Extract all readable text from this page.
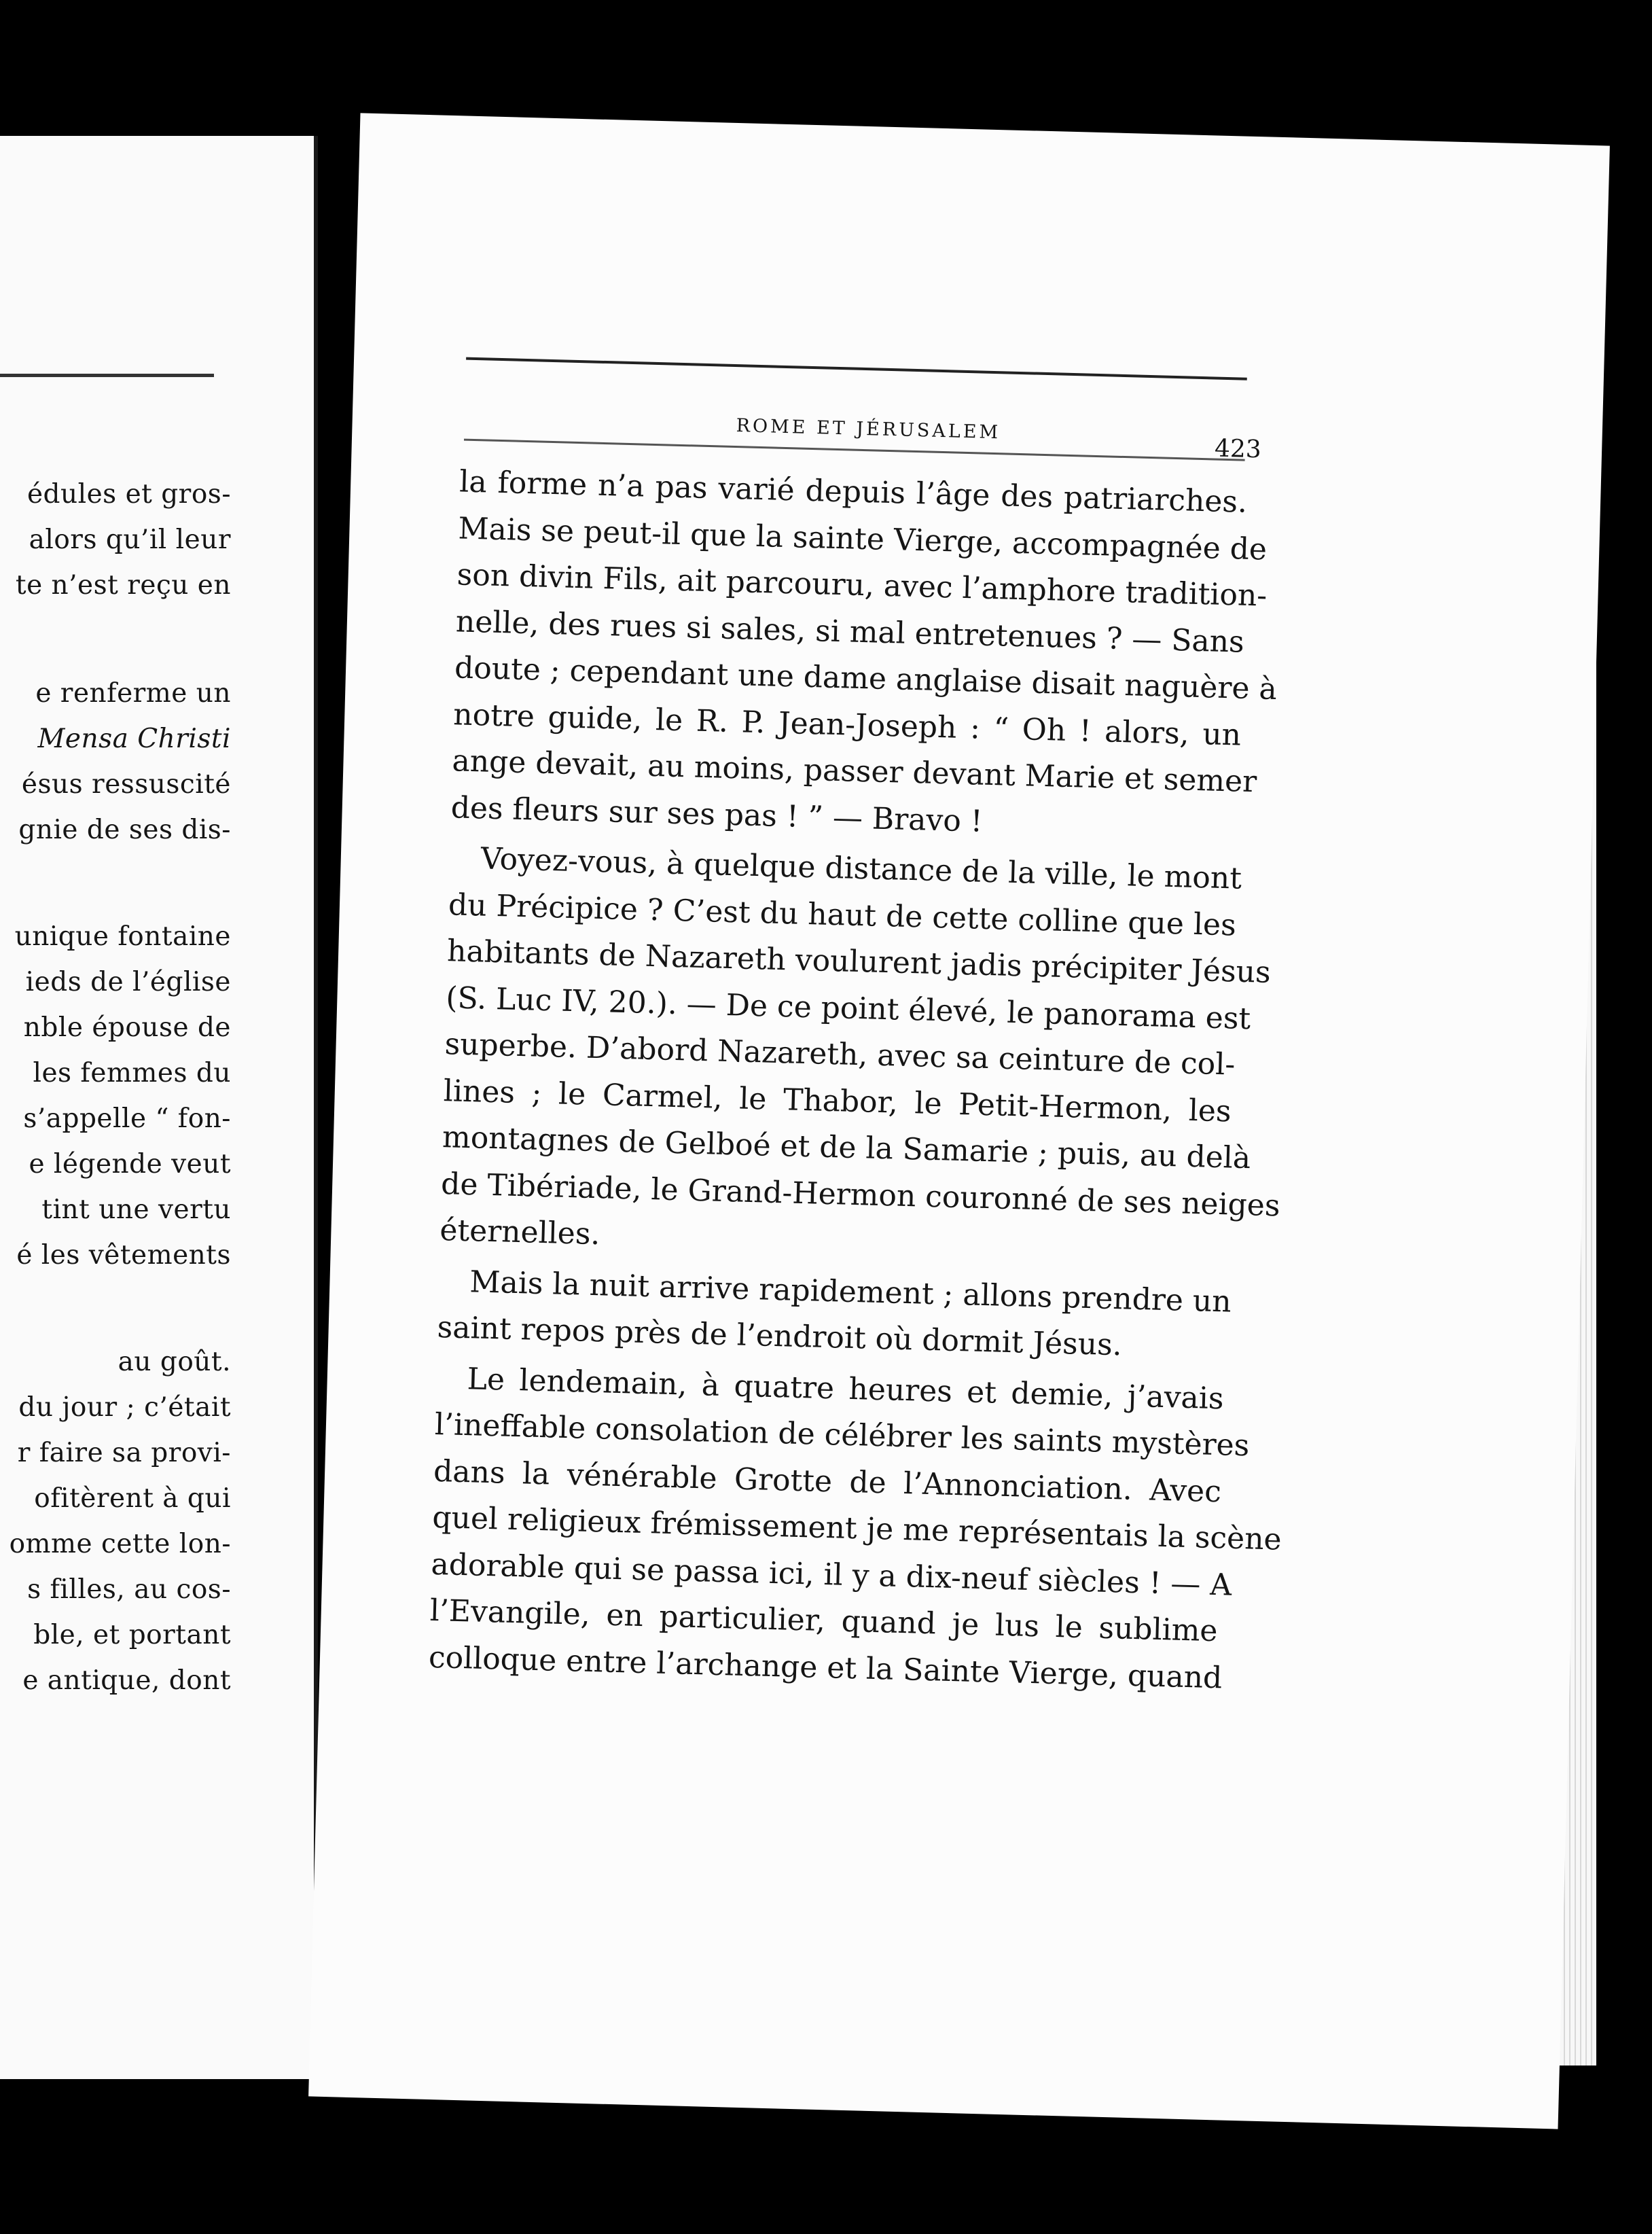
édules et gros-
alors qu’il leur
te n’est reçu en
e renferme un
Mensa Christi
ésus ressuscité
gnie de ses dis-
unique fontaine
ieds de l’église
nble épouse de
les femmes du
s’appelle “ fon-
e légende veut
tint une vertu
é les vêtements
au goût.
du jour ; c’était
r faire sa provi-
ofitèrent à qui
omme cette lon-
s filles, au cos-
ble, et portant
e antique, dont
ROME ET JÉRUSALEM
423
la forme n’a pas varié depuis l’âge des patriarches.
Mais se peut-il que la sainte Vierge, accompagnée de
son divin Fils, ait parcouru, avec l’amphore tradition-
nelle, des rues si sales, si mal entretenues ? — Sans
doute ; cependant une dame anglaise disait naguère à
notre guide, le R. P. Jean-Joseph : “ Oh ! alors, un
ange devait, au moins, passer devant Marie et semer
des fleurs sur ses pas ! ” — Bravo !
Voyez-vous, à quelque distance de la ville, le mont
du Précipice ? C’est du haut de cette colline que les
habitants de Nazareth voulurent jadis précipiter Jésus
(S. Luc IV, 20.). — De ce point élevé, le panorama est
superbe. D’abord Nazareth, avec sa ceinture de col-
lines ; le Carmel, le Thabor, le Petit-Hermon, les
montagnes de Gelboé et de la Samarie ; puis, au delà
de Tibériade, le Grand-Hermon couronné de ses neiges
éternelles.
Mais la nuit arrive rapidement ; allons prendre un
saint repos près de l’endroit où dormit Jésus.
Le lendemain, à quatre heures et demie, j’avais
l’ineffable consolation de célébrer les saints mystères
dans la vénérable Grotte de l’Annonciation. Avec
quel religieux frémissement je me représentais la scène
adorable qui se passa ici, il y a dix-neuf siècles ! — A
l’Evangile, en particulier, quand je lus le sublime
colloque entre l’archange et la Sainte Vierge, quand
